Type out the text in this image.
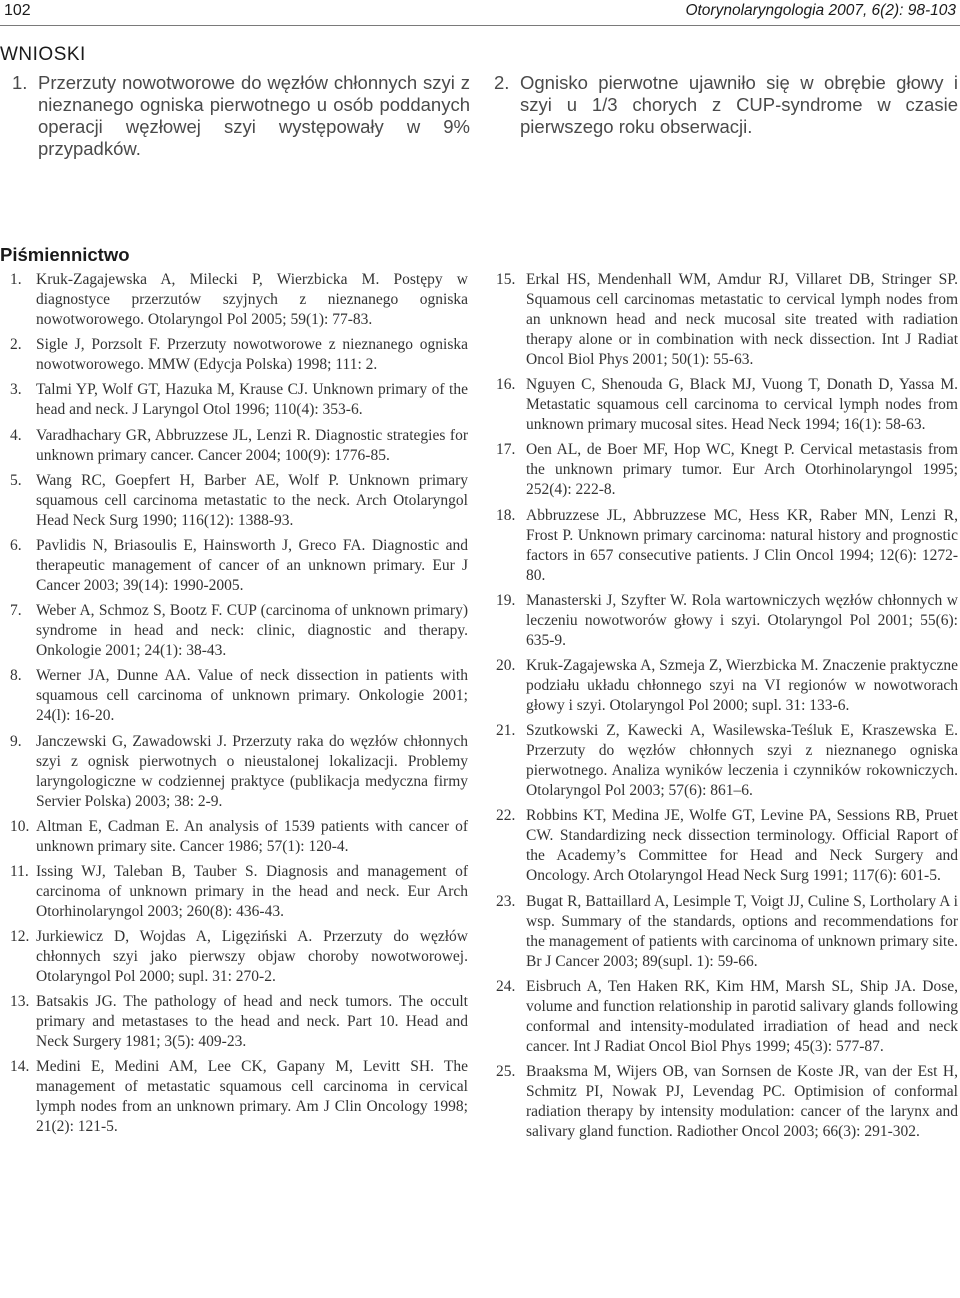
102	Otorynolaryngologia 2007, 6(2): 98-103
WNIOSKI
1. Przerzuty nowotworowe do węzłów chłonnych szyi z nieznanego ogniska pierwotnego u osób poddanych operacji węzłowej szyi występowały w 9% przypadków.
2. Ognisko pierwotne ujawniło się w obrębie głowy i szyi u 1/3 chorych z CUP-syndrome w czasie pierwszego roku obserwacji.
Piśmiennictwo
1. Kruk-Zagajewska A, Milecki P, Wierzbicka M. Postępy w diagnostyce przerzutów szyjnych z nieznanego ogniska nowotworowego. Otolaryngol Pol 2005; 59(1): 77-83.
2. Sigle J, Porzsolt F. Przerzuty nowotworowe z nieznanego ogniska nowotworowego. MMW (Edycja Polska) 1998; 111: 2.
3. Talmi YP, Wolf GT, Hazuka M, Krause CJ. Unknown primary of the head and neck. J Laryngol Otol 1996; 110(4): 353-6.
4. Varadhachary GR, Abbruzzese JL, Lenzi R. Diagnostic strategies for unknown primary cancer. Cancer 2004; 100(9): 1776-85.
5. Wang RC, Goepfert H, Barber AE, Wolf P. Unknown primary squamous cell carcinoma metastatic to the neck. Arch Otolaryngol Head Neck Surg 1990; 116(12): 1388-93.
6. Pavlidis N, Briasoulis E, Hainsworth J, Greco FA. Diagnostic and therapeutic management of cancer of an unknown primary. Eur J Cancer 2003; 39(14): 1990-2005.
7. Weber A, Schmoz S, Bootz F. CUP (carcinoma of unknown primary) syndrome in head and neck: clinic, diagnostic and therapy. Onkologie 2001; 24(1): 38-43.
8. Werner JA, Dunne AA. Value of neck dissection in patients with squamous cell carcinoma of unknown primary. Onkologie 2001; 24(l): 16-20.
9. Janczewski G, Zawadowski J. Przerzuty raka do węzłów chłonnych szyi z ognisk pierwotnych o nieustalonej lokalizacji. Problemy laryngologiczne w codziennej praktyce (publikacja medyczna firmy Servier Polska) 2003; 38: 2-9.
10. Altman E, Cadman E. An analysis of 1539 patients with cancer of unknown primary site. Cancer 1986; 57(1): 120-4.
11. Issing WJ, Taleban B, Tauber S. Diagnosis and management of carcinoma of unknown primary in the head and neck. Eur Arch Otorhinolaryngol 2003; 260(8): 436-43.
12. Jurkiewicz D, Wojdas A, Ligęziński A. Przerzuty do węzłów chłonnych szyi jako pierwszy objaw choroby nowotworowej. Otolaryngol Pol 2000; supl. 31: 270-2.
13. Batsakis JG. The pathology of head and neck tumors. The occult primary and metastases to the head and neck. Part 10. Head and Neck Surgery 1981; 3(5): 409-23.
14. Medini E, Medini AM, Lee CK, Gapany M, Levitt SH. The management of metastatic squamous cell carcinoma in cervical lymph nodes from an unknown primary. Am J Clin Oncology 1998; 21(2): 121-5.
15. Erkal HS, Mendenhall WM, Amdur RJ, Villaret DB, Stringer SP. Squamous cell carcinomas metastatic to cervical lymph nodes from an unknown head and neck mucosal site treated with radiation therapy alone or in combination with neck dissection. Int J Radiat Oncol Biol Phys 2001; 50(1): 55-63.
16. Nguyen C, Shenouda G, Black MJ, Vuong T, Donath D, Yassa M. Metastatic squamous cell carcinoma to cervical lymph nodes from unknown primary mucosal sites. Head Neck 1994; 16(1): 58-63.
17. Oen AL, de Boer MF, Hop WC, Knegt P. Cervical metastasis from the unknown primary tumor. Eur Arch Otorhinolaryngol 1995; 252(4): 222-8.
18. Abbruzzese JL, Abbruzzese MC, Hess KR, Raber MN, Lenzi R, Frost P. Unknown primary carcinoma: natural history and prognostic factors in 657 consecutive patients. J Clin Oncol 1994; 12(6): 1272-80.
19. Manasterski J, Szyfter W. Rola wartowniczych węzłów chłonnych w leczeniu nowotworów głowy i szyi. Otolaryngol Pol 2001; 55(6): 635-9.
20. Kruk-Zagajewska A, Szmeja Z, Wierzbicka M. Znaczenie praktyczne podziału układu chłonnego szyi na VI regionów w nowotworach głowy i szyi. Otolaryngol Pol 2000; supl. 31: 133-6.
21. Szutkowski Z, Kawecki A, Wasilewska-Teśluk E, Kraszewska E. Przerzuty do węzłów chłonnych szyi z nieznanego ogniska pierwotnego. Analiza wyników leczenia i czynników rokowniczych. Otolaryngol Pol 2003; 57(6): 861–6.
22. Robbins KT, Medina JE, Wolfe GT, Levine PA, Sessions RB, Pruet CW. Standardizing neck dissection terminology. Official Raport of the Academy’s Committee for Head and Neck Surgery and Oncology. Arch Otolaryngol Head Neck Surg 1991; 117(6): 601-5.
23. Bugat R, Battaillard A, Lesimple T, Voigt JJ, Culine S, Lortholary A i wsp. Summary of the standards, options and recommendations for the management of patients with carcinoma of unknown primary site. Br J Cancer 2003; 89(supl. 1): 59-66.
24. Eisbruch A, Ten Haken RK, Kim HM, Marsh SL, Ship JA. Dose, volume and function relationship in parotid salivary glands following conformal and intensity-modulated irradiation of head and neck cancer. Int J Radiat Oncol Biol Phys 1999; 45(3): 577-87.
25. Braaksma M, Wijers OB, van Sornsen de Koste JR, van der Est H, Schmitz PI, Nowak PJ, Levendag PC. Optimision of conformal radiation therapy by intensity modulation: cancer of the larynx and salivary gland function. Radiother Oncol 2003; 66(3): 291-302.
